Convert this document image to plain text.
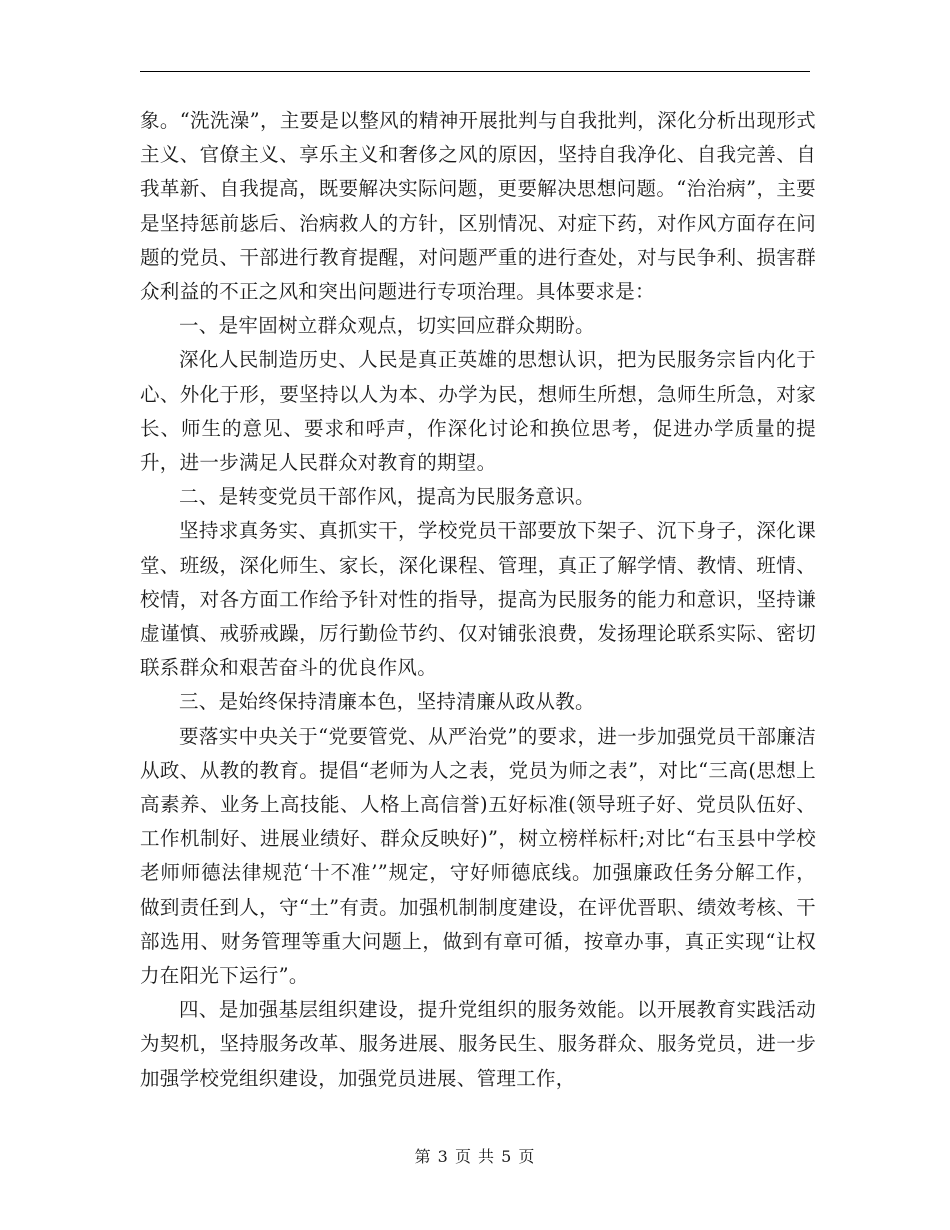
象。“洗洗澡”，主要是以整风的精神开展批判与自我批判，深化分析出现形式主义、官僚主义、享乐主义和奢侈之风的原因，坚持自我净化、自我完善、自我革新、自我提高，既要解决实际问题，更要解决思想问题。“治治病”，主要是坚持惩前毖后、治病救人的方针，区别情况、对症下药，对作风方面存在问题的党员、干部进行教育提醒，对问题严重的进行查处，对与民争利、损害群众利益的不正之风和突出问题进行专项治理。具体要求是：

一、是牢固树立群众观点，切实回应群众期盼。

深化人民制造历史、人民是真正英雄的思想认识，把为民服务宗旨内化于心、外化于形，要坚持以人为本、办学为民，想师生所想，急师生所急，对家长、师生的意见、要求和呼声，作深化讨论和换位思考，促进办学质量的提升，进一步满足人民群众对教育的期望。

二、是转变党员干部作风，提高为民服务意识。

坚持求真务实、真抓实干，学校党员干部要放下架子、沉下身子，深化课堂、班级，深化师生、家长，深化课程、管理，真正了解学情、教情、班情、校情，对各方面工作给予针对性的指导，提高为民服务的能力和意识，坚持谦虚谨慎、戒骄戒躁，厉行勤俭节约、仅对铺张浪费，发扬理论联系实际、密切联系群众和艰苦奋斗的优良作风。

三、是始终保持清廉本色，坚持清廉从政从教。

要落实中央关于“党要管党、从严治党”的要求，进一步加强党员干部廉洁从政、从教的教育。提倡“老师为人之表，党员为师之表”，对比“三高(思想上高素养、业务上高技能、人格上高信誉)五好标准(领导班子好、党员队伍好、工作机制好、进展业绩好、群众反映好)”，树立榜样标杆;对比“右玉县中学校老师师德法律规范‘十不准’”规定，守好师德底线。加强廉政任务分解工作，做到责任到人，守“土”有责。加强机制制度建设，在评优晋职、绩效考核、干部选用、财务管理等重大问题上，做到有章可循，按章办事，真正实现“让权力在阳光下运行”。

四、是加强基层组织建设，提升党组织的服务效能。以开展教育实践活动为契机，坚持服务改革、服务进展、服务民生、服务群众、服务党员，进一步加强学校党组织建设，加强党员进展、管理工作，

第 3 页 共 5 页
